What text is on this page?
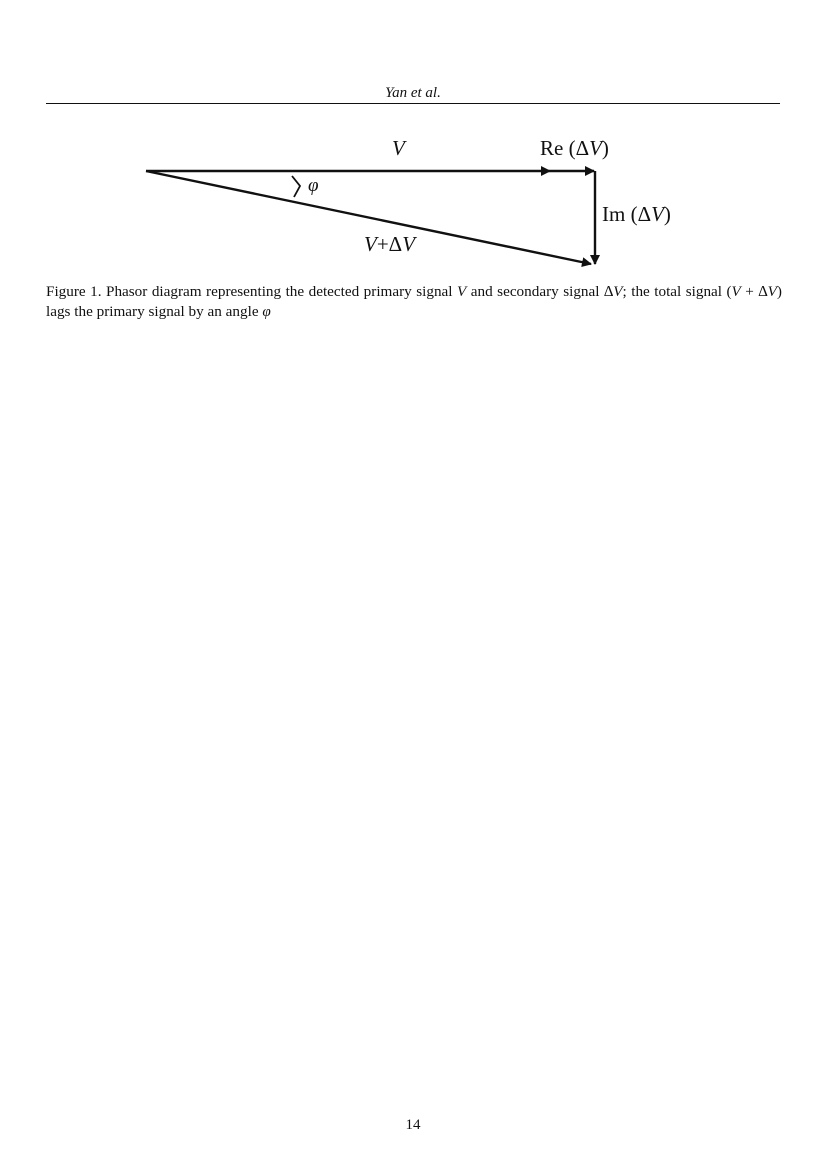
Yan et al.
V	Re (ΔV)
Im (ΔV)
V+ΔV
φ
Figure 1. Phasor diagram representing the detected primary signal V and secondary signal ∆V; the total signal (V + ∆V) lags the primary signal by an angle φ
14
